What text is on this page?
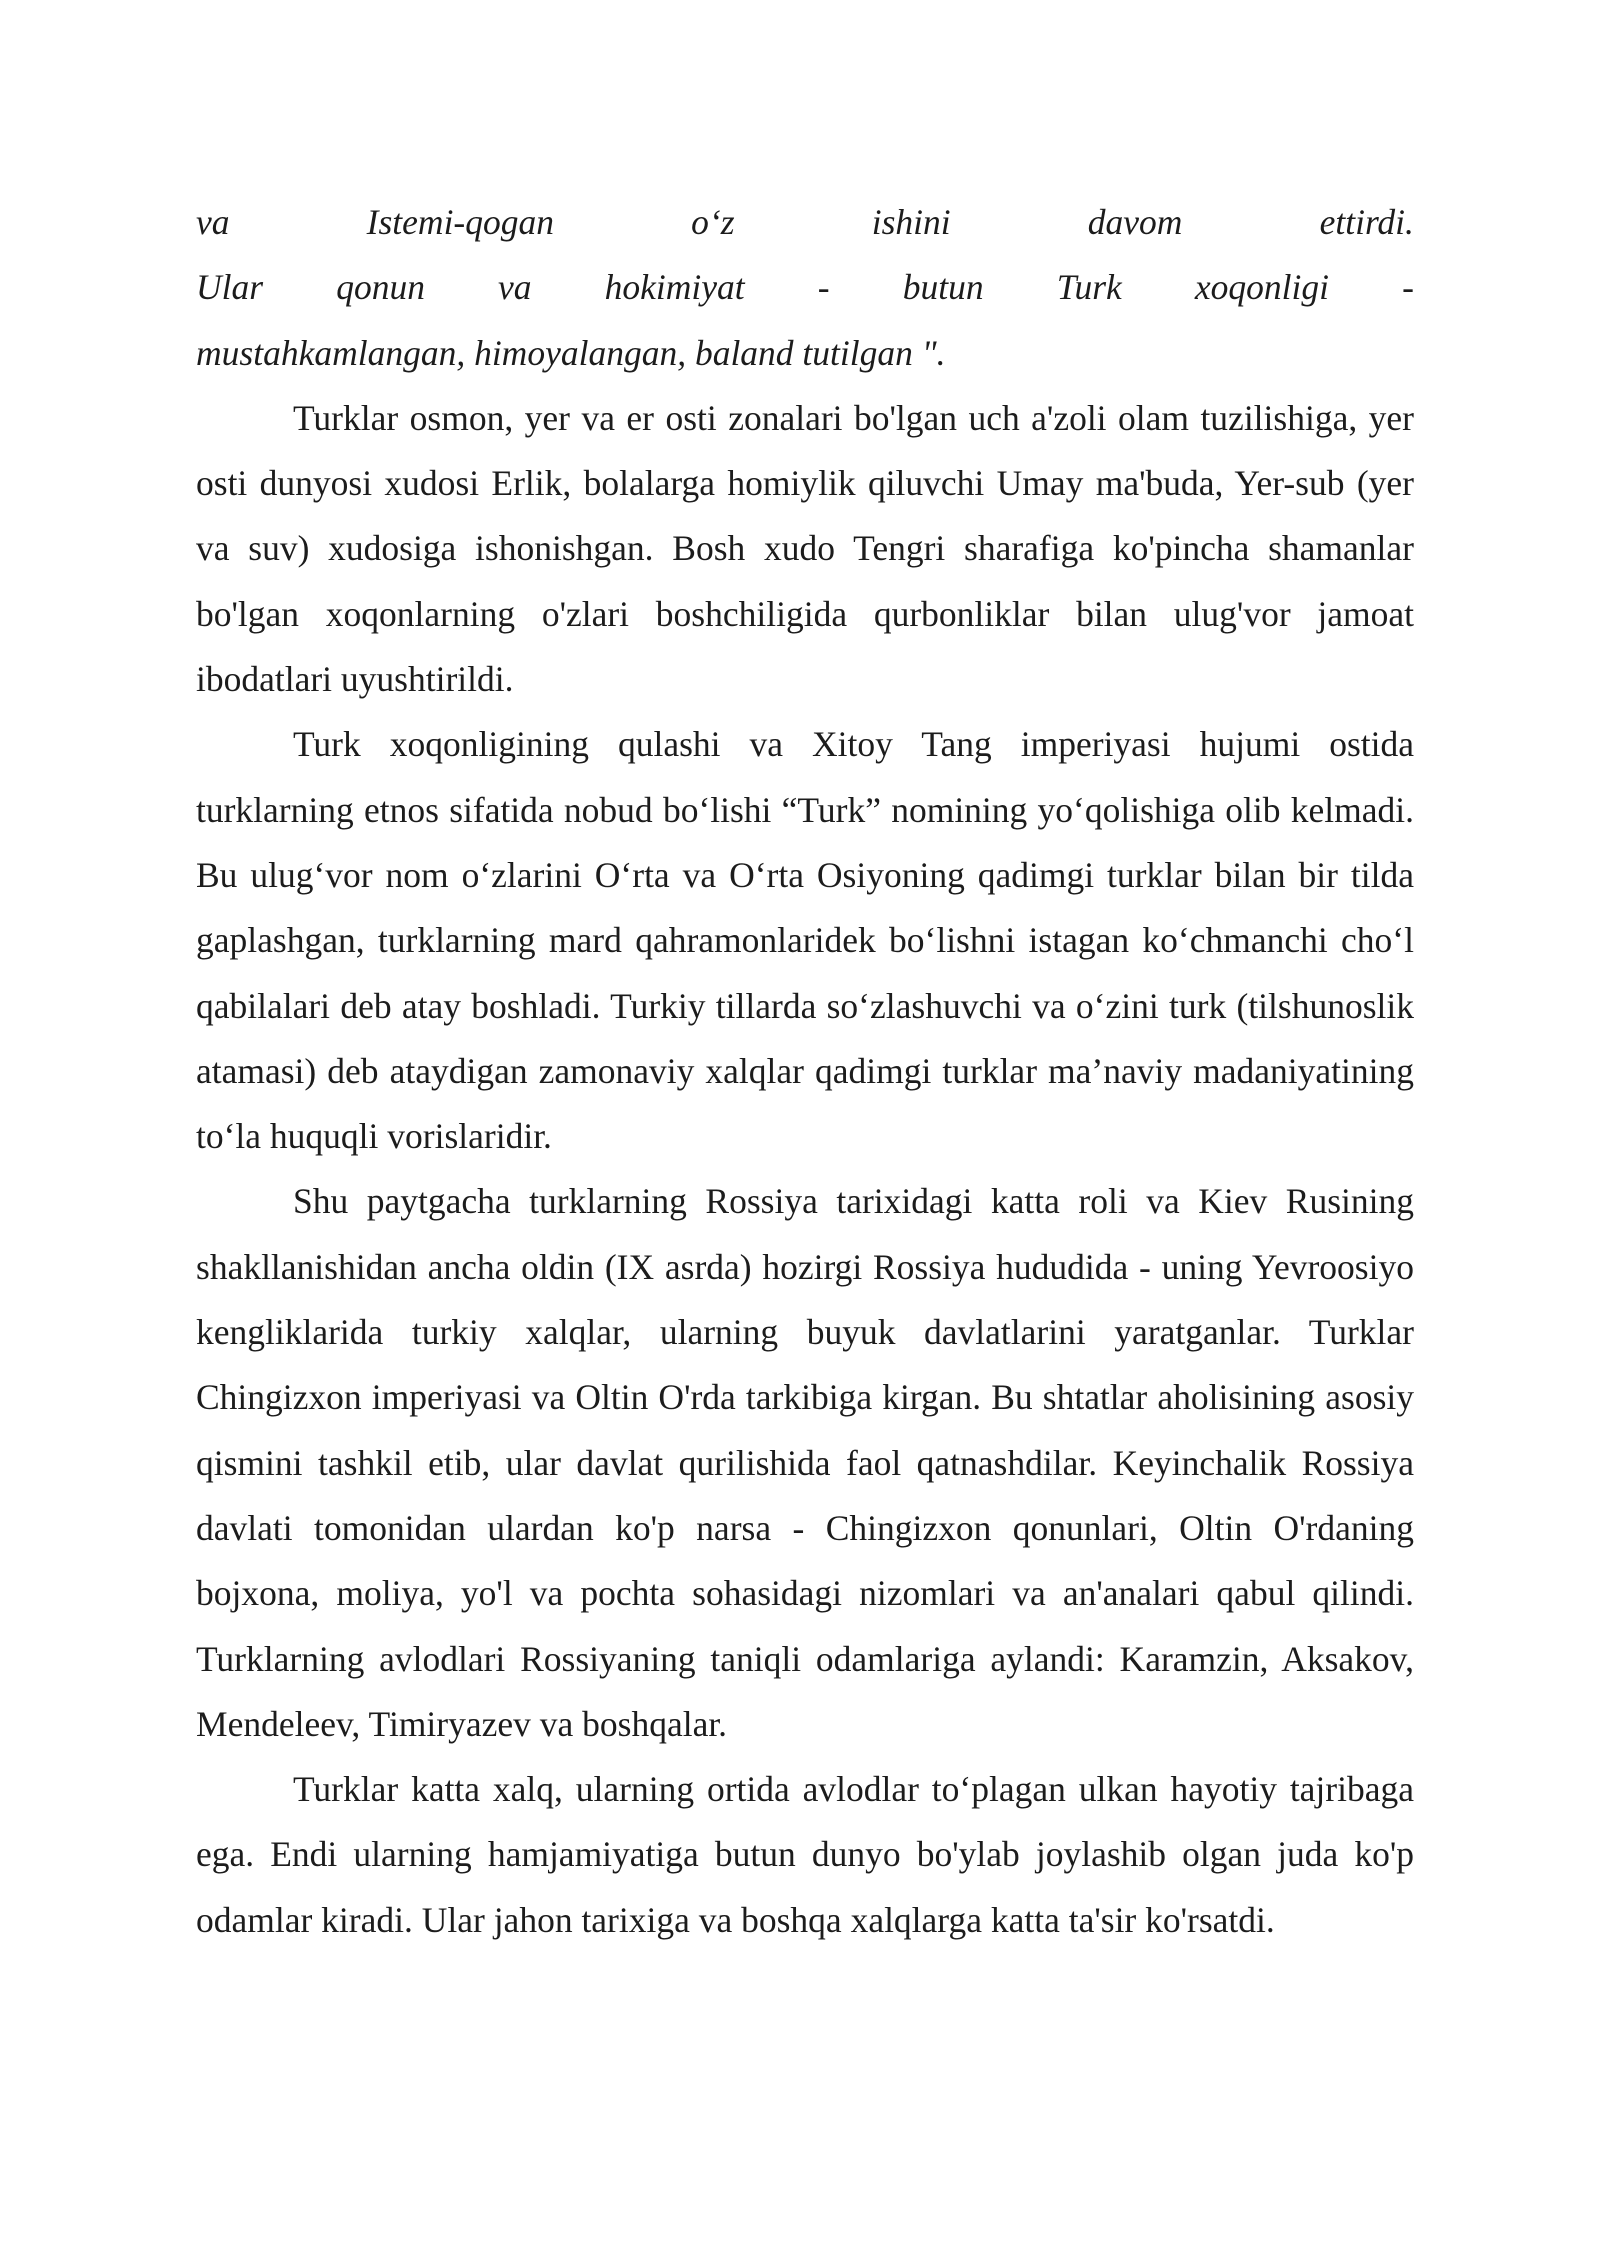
va	Istemi-qogan	o‘z	ishini	davom	ettirdi.
Ular qonun va hokimiyat - butun Turk xoqonligi -
mustahkamlangan, himoyalangan, baland tutilgan ".

Turklar osmon, yer va er osti zonalari bo'lgan uch a'zoli olam tuzilishiga, yer osti dunyosi xudosi Erlik, bolalarga homiylik qiluvchi Umay ma'buda, Yer-sub (yer va suv) xudosiga ishonishgan. Bosh xudo Tengri sharafiga ko'pincha shamanlar bo'lgan xoqonlarning o'zlari boshchiligida qurbonliklar bilan ulug'vor jamoat ibodatlari uyushtirildi.

Turk xoqonligining qulashi va Xitoy Tang imperiyasi hujumi ostida turklarning etnos sifatida nobud bo‘lishi “Turk” nomining yo‘qolishiga olib kelmadi. Bu ulug‘vor nom o‘zlarini O‘rta va O‘rta Osiyoning qadimgi turklar bilan bir tilda gaplashgan, turklarning mard qahramonlaridek bo‘lishni istagan ko‘chmanchi cho‘l qabilalari deb atay boshladi. Turkiy tillarda so‘zlashuvchi va o‘zini turk (tilshunoslik atamasi) deb ataydigan zamonaviy xalqlar qadimgi turklar ma’naviy madaniyatining to‘la huquqli vorislaridir.

Shu paytgacha turklarning Rossiya tarixidagi katta roli va Kiev Rusining shakllanishidan ancha oldin (IX asrda) hozirgi Rossiya hududida - uning Yevroosiyo kengliklarida turkiy xalqlar, ularning buyuk davlatlarini yaratganlar. Turklar Chingizxon imperiyasi va Oltin O'rda tarkibiga kirgan. Bu shtatlar aholisining asosiy qismini tashkil etib, ular davlat qurilishida faol qatnashdilar. Keyinchalik Rossiya davlati tomonidan ulardan ko'p narsa - Chingizxon qonunlari, Oltin O'rdaning bojxona, moliya, yo'l va pochta sohasidagi nizomlari va an'analari qabul qilindi. Turklarning avlodlari Rossiyaning taniqli odamlariga aylandi: Karamzin, Aksakov, Mendeleev, Timiryazev va boshqalar.

Turklar katta xalq, ularning ortida avlodlar to‘plagan ulkan hayotiy tajribaga ega. Endi ularning hamjamiyatiga butun dunyo bo'ylab joylashib olgan juda ko'p odamlar kiradi. Ular jahon tarixiga va boshqa xalqlarga katta ta'sir ko'rsatdi.
